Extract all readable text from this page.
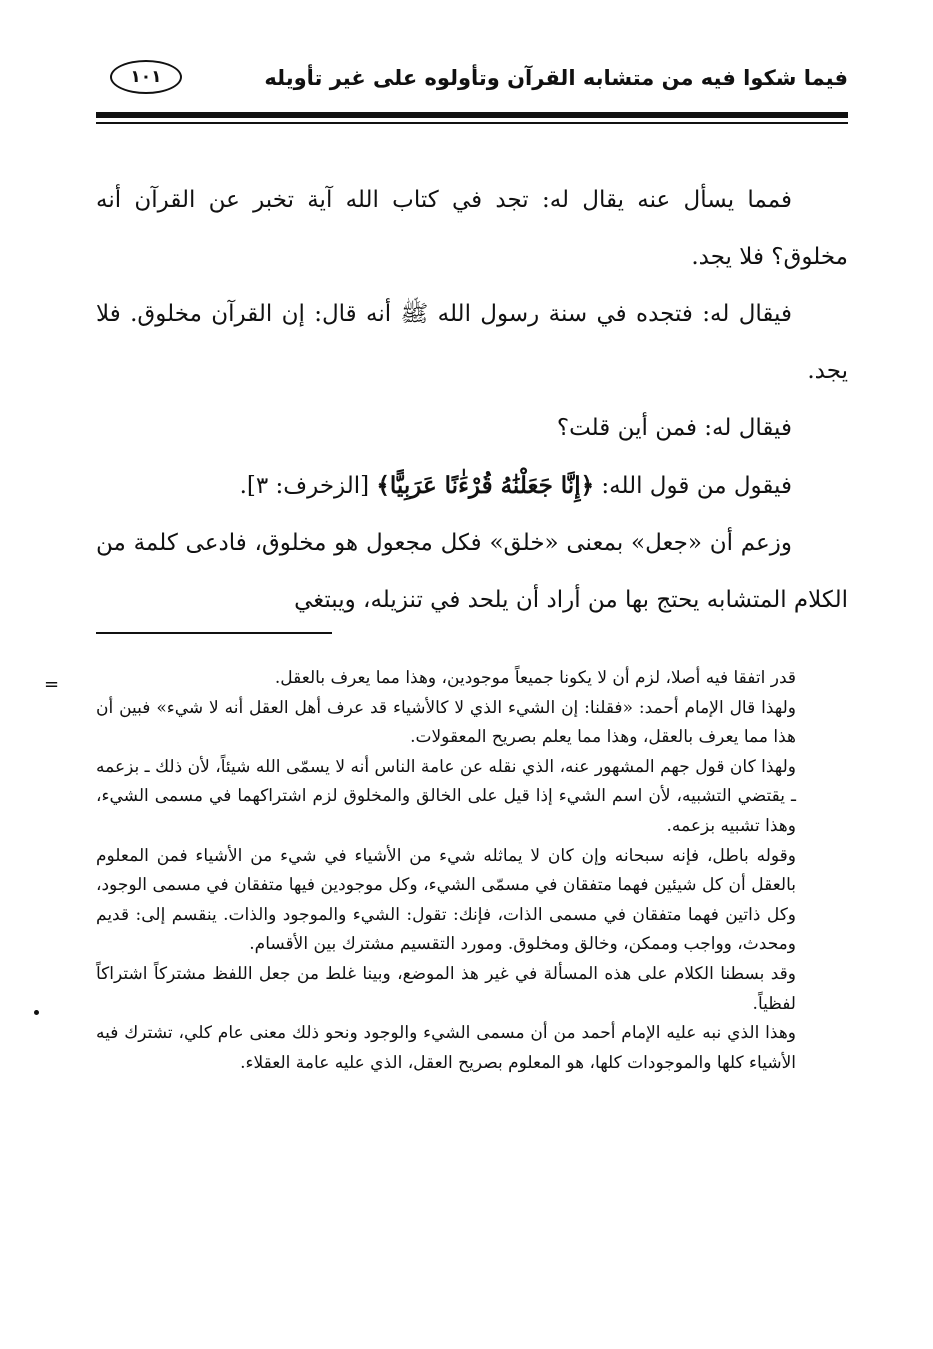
فيما شكوا فيه من متشابه القرآن وتأولوه على غير تأويله
١٠١

فمما يسأل عنه يقال له: تجد في كتاب الله آية تخبر عن القرآن أنه مخلوق؟ فلا يجد.

فيقال له: فتجده في سنة رسول الله ﷺ أنه قال: إن القرآن مخلوق. فلا يجد.

فيقال له: فمن أين قلت؟

فيقول من قول الله: ﴿إِنَّا جَعَلْنَٰهُ قُرْءَٰنًا عَرَبِيًّا﴾ [الزخرف: ٣].

وزعم أن «جعل» بمعنى «خلق» فكل مجعول هو مخلوق، فادعى كلمة من الكلام المتشابه يحتج بها من أراد أن يلحد في تنزيله، ويبتغي

=	قدر اتفقا فيه أصلا، لزم أن لا يكونا جميعاً موجودين، وهذا مما يعرف بالعقل.

ولهذا قال الإمام أحمد: «فقلنا: إن الشيء الذي لا كالأشياء قد عرف أهل العقل أنه لا شيء» فبين أن هذا مما يعرف بالعقل، وهذا مما يعلم بصريح المعقولات.

ولهذا كان قول جهم المشهور عنه، الذي نقله عن عامة الناس أنه لا يسمّى الله شيئاً، لأن ذلك ـ بزعمه ـ يقتضي التشبيه، لأن اسم الشيء إذا قيل على الخالق والمخلوق لزم اشتراكهما في مسمى الشيء، وهذا تشبيه بزعمه.

وقوله باطل، فإنه سبحانه وإن كان لا يماثله شيء من الأشياء في شيء من الأشياء فمن المعلوم بالعقل أن كل شيئين فهما متفقان في مسمّى الشيء، وكل موجودين فيها متفقان في مسمى الوجود، وكل ذاتين فهما متفقان في مسمى الذات، فإنك: تقول: الشيء والموجود والذات. ينقسم إلى: قديم ومحدث، وواجب وممكن، وخالق ومخلوق. ومورد التقسيم مشترك بين الأقسام.

وقد بسطنا الكلام على هذه المسألة في غير هذ الموضع، وبينا غلط من جعل اللفظ مشتركاً اشتراكاً لفظياً.

وهذا الذي نبه عليه الإمام أحمد من أن مسمى الشيء والوجود ونحو ذلك معنى عام كلي، تشترك فيه الأشياء كلها والموجودات كلها، هو المعلوم بصريح العقل، الذي عليه عامة العقلاء.
